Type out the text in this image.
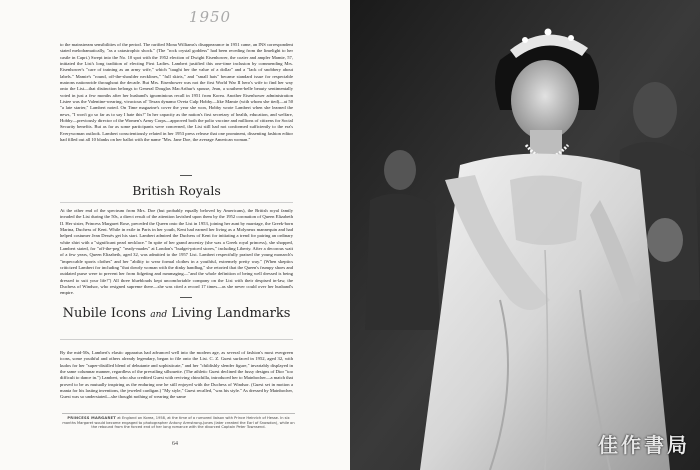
1950

to the mainstream sensibilities of the period. The rarified Mona Williams's disappearance in 1951 came, an INS correspondent stated melodramatically, "as a catastrophic shock." (The "rock crystal goddess" had been receding from the limelight to her castle in Capri.) Swept into the No. 10 spot with the 1952 election of Dwight Eisenhower, the cozier and ampler Mamie, 57, initiated the List's long tradition of electing First Ladies. Lambert justified this one-time inclusion by commending Mrs. Eisenhower's "care of training as an army wife," which "taught her the value of a dollar" and a "lack of snobbery about labels." Mamie's "round, off-the-shoulder necklines," "full skirts," and "small hats" became standard issue for respectable matrons nationwide throughout the decade. But Mrs. Eisenhower was not the first World War II hero's wife to find her way onto the List—that distinction belongs to General Douglas MacArthur's spouse, Jean, a southern-belle beauty sentimentally voted in just a few months after her husband's ignominious recall in 1951 from Korea. Another Eisenhower administration Listee was the Valentine-wearing, vivacious ol' Texan dynamo Oveta Culp Hobby—like Mamie (with whom she tied)—at 50 "a late starter," Lambert noted. On Time magazine's cover the year she won, Hobby wrote Lambert when she learned the news, "I won't go so far as to say I hate this!" In her capacity as the nation's first secretary of health, education, and welfare, Hobby—previously director of the Women's Army Corps—approved both the polio vaccine and millions of citizens for Social Security benefits. But as far as some participants were concerned, the List still had not conformed sufficiently to the era's Everywoman outlook. Lambert conscientiously related in her 1953 press release that one prominent, dissenting fashion editor had filled out all 10 blanks on her ballot with the name "Mrs. Jane Doe, the average American woman."

British Royals

At the other end of the spectrum from Mrs. Doe (but probably equally beloved by Americans), the British royal family invaded the List during the 50s, a direct result of the attention lavished upon them by the 1952 coronation of Queen Elizabeth II. Her sister, Princess Margaret Rose, preceded the Queen onto the List in 1953, joining her aunt by marriage, the Greek-born Marina, Duchess of Kent. While in exile in Paris in her youth, Kent had earned her living as a Molyneux mannequin and had helped costumer Jean Dessès get his start. Lambert admired the Duchess of Kent for initiating a trend for pairing an ordinary white shirt with a "significant pearl necklace." In spite of her grand ancestry (she was a Greek royal princess), she shopped, Lambert stated, for "off-the-peg" "ready-mades" at London's "budget-priced stores," including Liberty. After a decorous wait of a few years, Queen Elizabeth, aged 32, was admitted to the 1957 List. Lambert respectfully praised the young monarch's "impeccable sports clothes" and her "ability to wear formal clothes in a youthful, extremely pretty way." (When skeptics criticized Lambert for including "that dowdy woman with the dinky handbag," she retorted that the Queen's frumpy shoes and outdated purse were to prevent her from fidgeting and rummaging—"and the whole definition of being well dressed is being dressed to suit your life!") All three blueblouds kept uncomfortable company on the List with their despised in-law, the Duchess of Windsor, who resigned supreme there—she was cited a record 17 times—as she never could over her husband's empire.

Nubile Icons and Living Landmarks

By the mid-50s, Lambert's elastic apparatus had advanced well into the modern age, as several of fashion's most evergreen icons, some youthful and others already legendary, began to file onto the List. C. Z. Guest surfaced in 1952, aged 32, with kudos for her "super-distilled blend of debutante and sophisticate," and her "childishly slender figure," invariably displayed in the same columnar manner, regardless of the prevailing silhouette. (The athletic Guest declined the fussy designs of Dior "too difficult to dance in.") Lambert, who also credited Guest with reviving chinchilla, introduced her to Mainbocher—a match that proved to be as mutually inspiring as the enduring one he still enjoyed with the Duchess of Windsor. (Guest set in motion a mania for his lasting inventions, the jeweled cardigan.) "My style," Guest recalled, "was his style." As dressed by Mainbocher, Guest was so understated—she thought nothing of wearing the same

PRINCESS MARGARET at England on Korea, 1958, at the time of a rumored liaison with Prince Heinrich of Hesse. In six months Margaret would become engaged to photographer Antony Armstrong-Jones (later created the Earl of Snowdon), while on the rebound from the forced end of her long romance with the divorced Captain Peter Townsend.
64	佳作書局
